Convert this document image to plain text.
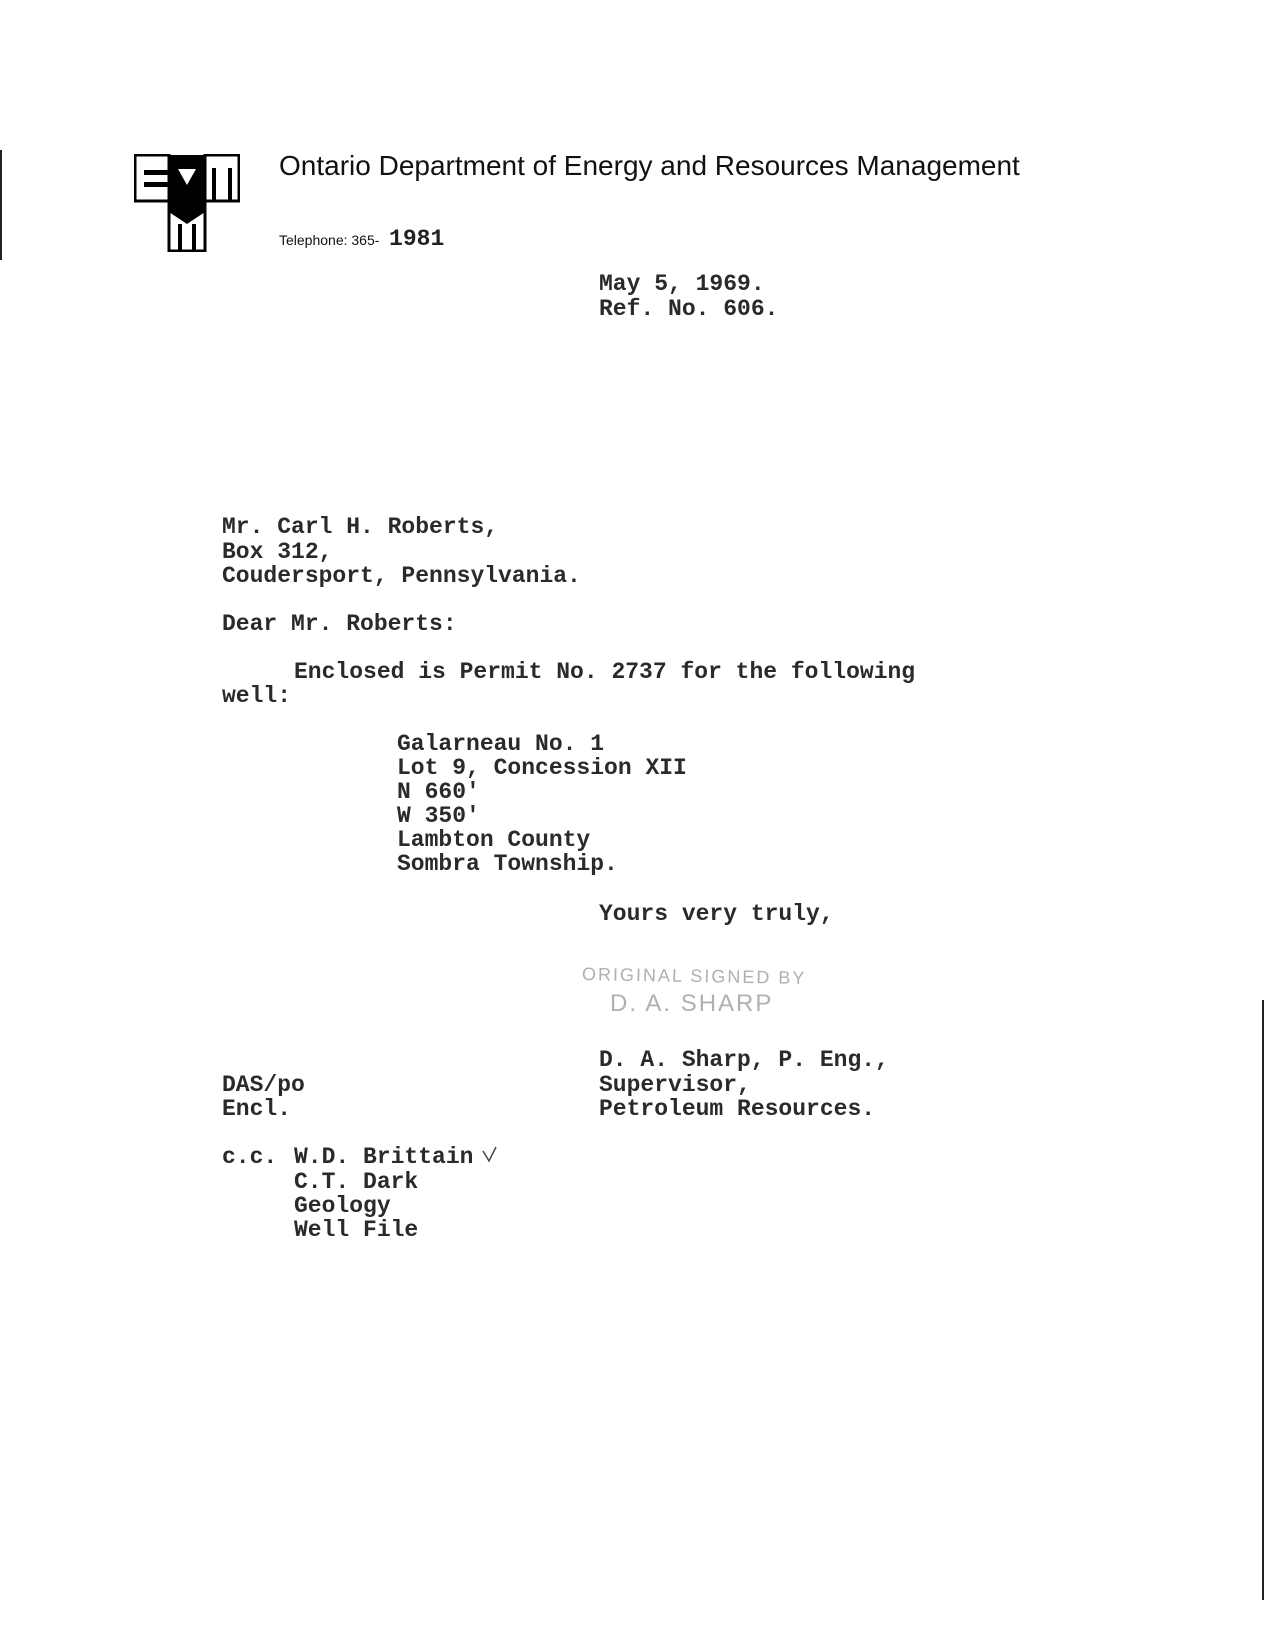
Ontario Department of Energy and Resources Management
Telephone: 365- 1981
May 5, 1969.
Ref. No. 606.
Mr. Carl H. Roberts,
Box 312,
Coudersport, Pennsylvania.
Dear Mr. Roberts:
Enclosed is Permit No. 2737 for the following
well:
Galarneau No. 1
Lot 9, Concession XII
N 660'
W 350'
Lambton County
Sombra Township.
Yours very truly,
ORIGINAL SIGNED BY
D. A. SHARP
D. A. Sharp, P. Eng.,
Supervisor,
Petroleum Resources.
DAS/po
Encl.
c.c. W.D. Brittain
C.T. Dark
Geology
Well File
